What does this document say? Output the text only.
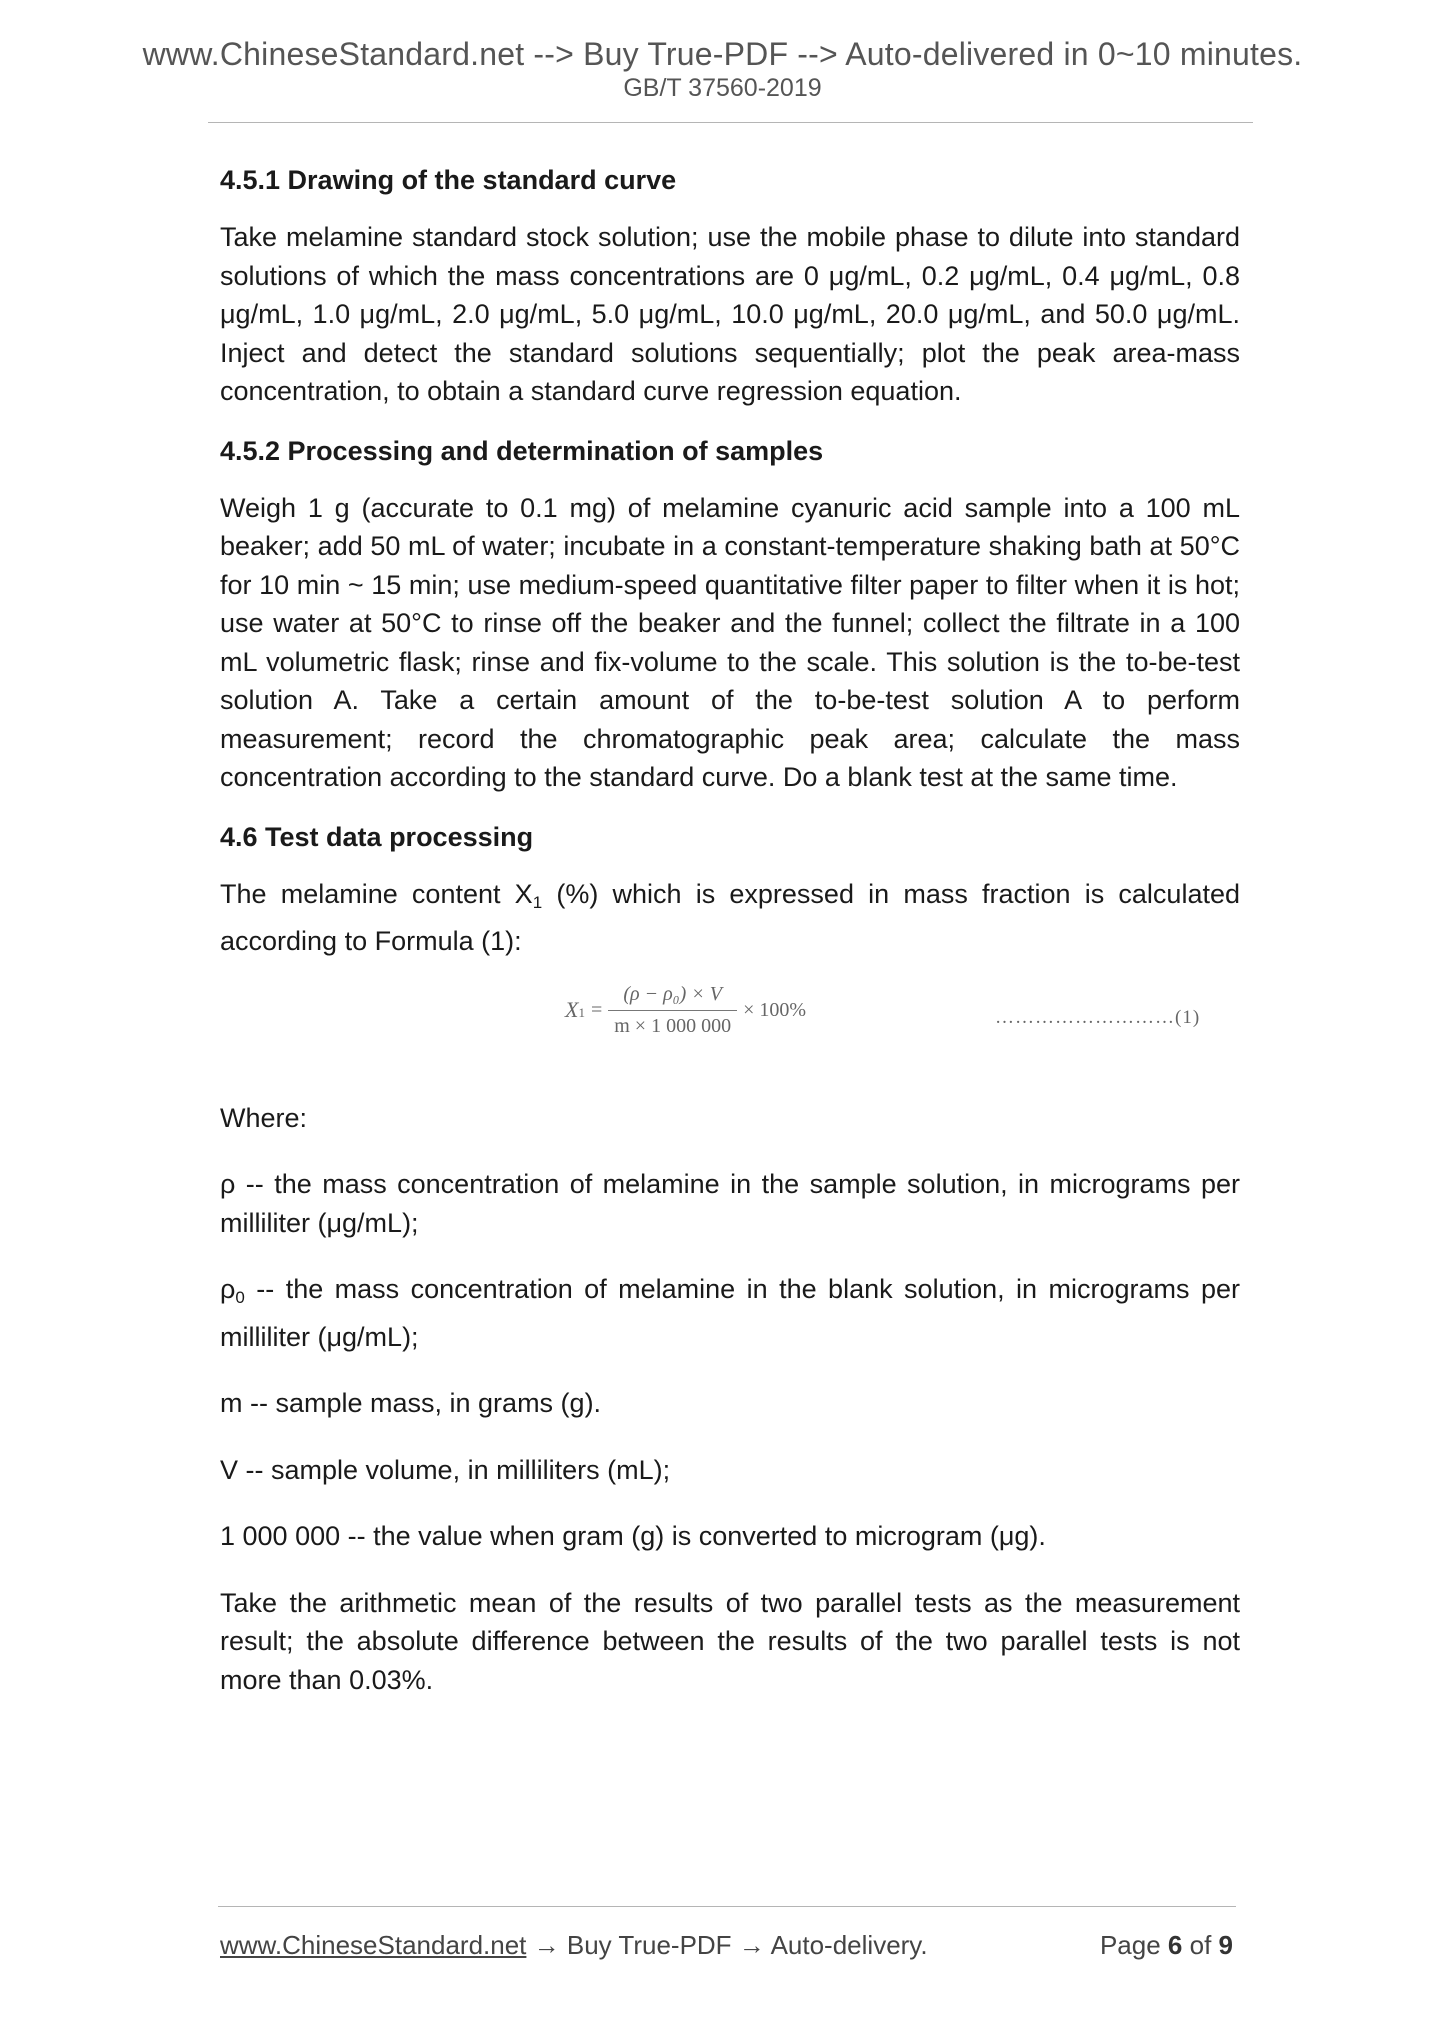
www.ChineseStandard.net --> Buy True-PDF --> Auto-delivered in 0~10 minutes.
GB/T 37560-2019
4.5.1 Drawing of the standard curve

Take melamine standard stock solution; use the mobile phase to dilute into standard solutions of which the mass concentrations are 0 μg/mL, 0.2 μg/mL, 0.4 μg/mL, 0.8 μg/mL, 1.0 μg/mL, 2.0 μg/mL, 5.0 μg/mL, 10.0 μg/mL, 20.0 μg/mL, and 50.0 μg/mL. Inject and detect the standard solutions sequentially; plot the peak area-mass concentration, to obtain a standard curve regression equation.

4.5.2 Processing and determination of samples

Weigh 1 g (accurate to 0.1 mg) of melamine cyanuric acid sample into a 100 mL beaker; add 50 mL of water; incubate in a constant-temperature shaking bath at 50°C for 10 min ~ 15 min; use medium-speed quantitative filter paper to filter when it is hot; use water at 50°C to rinse off the beaker and the funnel; collect the filtrate in a 100 mL volumetric flask; rinse and fix-volume to the scale. This solution is the to-be-test solution A. Take a certain amount of the to-be-test solution A to perform measurement; record the chromatographic peak area; calculate the mass concentration according to the standard curve. Do a blank test at the same time.

4.6 Test data processing

The melamine content $X_1$ (%) which is expressed in mass fraction is calculated according to Formula (1):

$X1 = \frac{\text{(ρ − ρ₀) × V}}{m \times 1 000 000} \times 100\%$	………………………(1)

Where:

ρ -- the mass concentration of melamine in the sample solution, in micrograms per milliliter (μg/mL);

$\rho_0$ -- the mass concentration of melamine in the blank solution, in micrograms per milliliter (μg/mL);

m -- sample mass, in grams (g).

V -- sample volume, in milliliters (mL);

1 000 000 -- the value when gram (g) is converted to microgram (μg).

Take the arithmetic mean of the results of two parallel tests as the measurement result; the absolute difference between the results of the two parallel tests is not more than 0.03%.

www.ChineseStandard.net → Buy True-PDF → Auto-delivery.	Page 6 of 9
